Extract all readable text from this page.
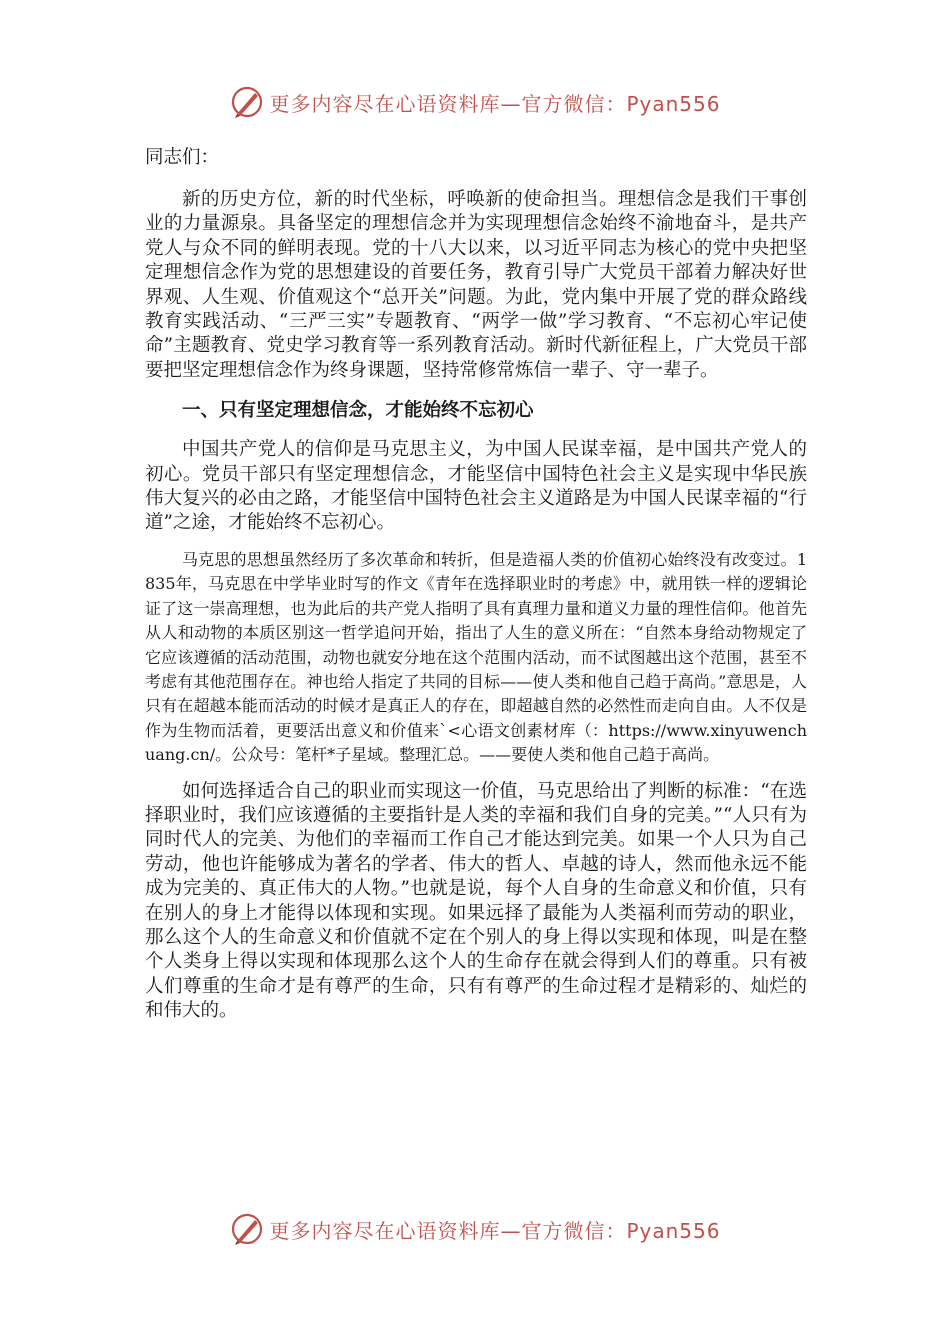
更多内容尽在心语资料库—官方微信：Pyan556

同志们：

新的历史方位，新的时代坐标，呼唤新的使命担当。理想信念是我们干事创业的力量源泉。具备坚定的理想信念并为实现理想信念始终不渝地奋斗，是共产党人与众不同的鲜明表现。党的十八大以来，以习近平同志为核心的党中央把坚定理想信念作为党的思想建设的首要任务，教育引导广大党员干部着力解决好世界观、人生观、价值观这个“总开关”问题。为此，党内集中开展了党的群众路线教育实践活动、“三严三实”专题教育、“两学一做”学习教育、“不忘初心牢记使命”主题教育、党史学习教育等一系列教育活动。新时代新征程上，广大党员干部要把坚定理想信念作为终身课题，坚持常修常炼信一辈子、守一辈子。

一、只有坚定理想信念，才能始终不忘初心

中国共产党人的信仰是马克思主义，为中国人民谋幸福，是中国共产党人的初心。党员干部只有坚定理想信念，才能坚信中国特色社会主义是实现中华民族伟大复兴的必由之路，才能坚信中国特色社会主义道路是为中国人民谋幸福的“行道”之途，才能始终不忘初心。

马克思的思想虽然经历了多次革命和转折，但是造福人类的价值初心始终没有改变过。1835年，马克思在中学毕业时写的作文《青年在选择职业时的考虑》中，就用铁一样的逻辑论证了这一崇高理想，也为此后的共产党人指明了具有真理力量和道义力量的理性信仰。他首先从人和动物的本质区别这一哲学追问开始，指出了人生的意义所在：“自然本身给动物规定了它应该遵循的活动范围，动物也就安分地在这个范围内活动，而不试图越出这个范围，甚至不考虑有其他范围存在。神也给人指定了共同的目标——使人类和他自己趋于高尚。”意思是，人只有在超越本能而活动的时候才是真正人的存在，即超越自然的必然性而走向自由。人不仅是作为生物而活着，更要活出意义和价值来`<心语文创素材库（：https://www.xinyuwenchuang.cn/。公众号：笔杆*子星域。整理汇总。——要使人类和他自己趋于高尚。

如何选择适合自己的职业而实现这一价值，马克思给出了判断的标准：“在选择职业时，我们应该遵循的主要指针是人类的幸福和我们自身的完美。”“人只有为同时代人的完美、为他们的幸福而工作自己才能达到完美。如果一个人只为自己劳动，他也许能够成为著名的学者、伟大的哲人、卓越的诗人，然而他永远不能成为完美的、真正伟大的人物。”也就是说，每个人自身的生命意义和价值，只有在别人的身上才能得以体现和实现。如果远择了最能为人类福利而劳动的职业，那么这个人的生命意义和价值就不定在个别人的身上得以实现和体现，叫是在整个人类身上得以实现和体现那么这个人的生命存在就会得到人们的尊重。只有被人们尊重的生命才是有尊严的生命，只有有尊严的生命过程才是精彩的、灿烂的和伟大的。

更多内容尽在心语资料库—官方微信：Pyan556
